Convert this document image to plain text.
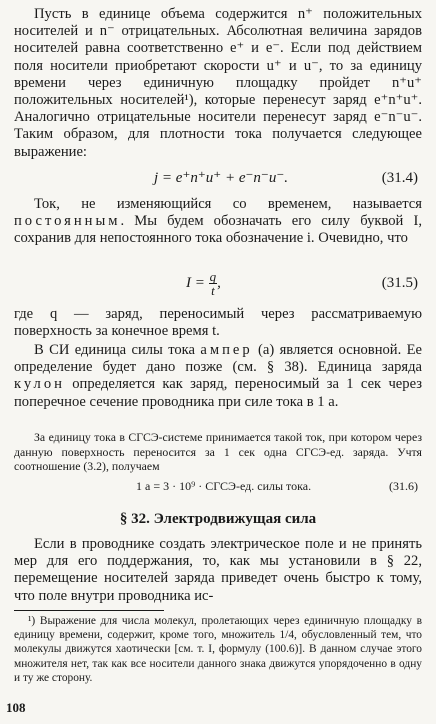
Пусть в единице объема содержится n⁺ положительных носителей и n⁻ отрицательных. Абсолютная величина зарядов носителей равна соответственно e⁺ и e⁻. Если под действием поля носители приобретают скорости u⁺ и u⁻, то за единицу времени через единичную площадку пройдет n⁺u⁺ положительных носителей¹), которые перенесут заряд e⁺n⁺u⁺. Аналогично отрицательные носители перенесут заряд e⁻n⁻u⁻. Таким образом, для плотности тока получается следующее выражение:

j = e⁺n⁺u⁺ + e⁻n⁻u⁻.	(31.4)

Ток, не изменяющийся со временем, называется постоянным. Мы будем обозначать его силу буквой I, сохранив для непостоянного тока обозначение i. Очевидно, что

$I = \frac{q}{t}$ ,	(31.5)

где q — заряд, переносимый через рассматриваемую поверхность за конечное время t.

В СИ единица силы тока ампер (а) является основной. Ее определение будет дано позже (см. § 38). Единица заряда кулон определяется как заряд, переносимый за 1 сек через поперечное сечение проводника при силе тока в 1 а.

За единицу тока в СГСЭ-системе принимается такой ток, при котором через данную поверхность переносится за 1 сек одна СГСЭ-ед. заряда. Учтя соотношение (3.2), получаем

1 а = 3 · 10⁹ · СГСЭ-ед. силы тока.	(31.6)
§ 32. Электродвижущая сила

Если в проводнике создать электрическое поле и не принять мер для его поддержания, то, как мы установили в § 22, перемещение носителей заряда приведет очень быстро к тому, что поле внутри проводника ис-

¹) Выражение для числа молекул, пролетающих через единичную площадку в единицу времени, содержит, кроме того, множитель 1/4, обусловленный тем, что молекулы движутся хаотически [см. т. I, формулу (100.6)]. В данном случае этого множителя нет, так как все носители данного знака движутся упорядоченно в одну и ту же сторону.

108
